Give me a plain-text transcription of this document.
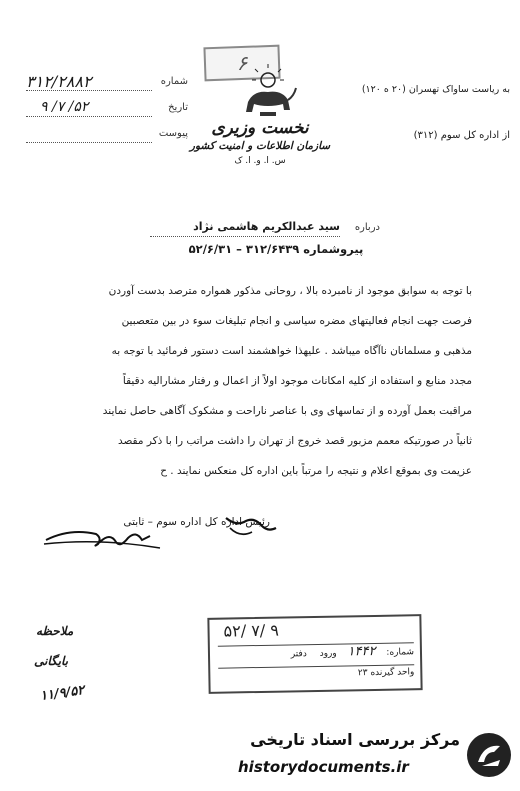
شماره
۳۱۲/۲۸۸۲
تاریخ
۵۲/ ۷/ ۹
پیوست
۶
نخست وزیری
سازمان اطلاعات و امنیت کشور
س. ا. و. ا. ک
به ریاست ساواک تهسران (۲۰ ه ۱۲۰)
از اداره کل سوم (۳۱۲)
درباره
سید عبدالکریم هاشمی نژاد
پیروشماره ۳۱۲/۶۴۳۹ – ۵۲/۶/۳۱
با توجه به سوابق موجود از نامبرده بالا ، روحانی مذکور همواره مترصد بدست آوردن
فرصت جهت انجام فعالیتهای مضره سیاسی و انجام تبلیغات سوء در بین متعصبین
مذهبی و مسلمانان ناآگاه میباشد . علیهذا خواهشمند است دستور فرمائید با توجه به
مجدد منابع و استفاده از کلیه امکانات موجود اولاً از اعمال و رفتار مشارالیه دقیقاً
مراقبت بعمل آورده و از تماسهای وی با عناصر ناراحت و مشکوک آگاهی حاصل نمایند
ثانیاً در صورتیکه معمم مزبور قصد خروج از تهران را داشت مراتب را با ذکر مقصد
عزیمت وی بموقع اعلام و نتیجه را مرتباً باین اداره کل منعکس نمایند . ح
رئیس اداره کل اداره سوم – ثابتی
۵۲/ ۷/ ۹
شماره: ۱۴۴۲ ورود دفتر
واحد گیرنده ۲۳
ملاحظه
بایگانی
۱۱/۹/۵۲
مرکز بررسی اسناد تاریخی
historydocuments.ir
